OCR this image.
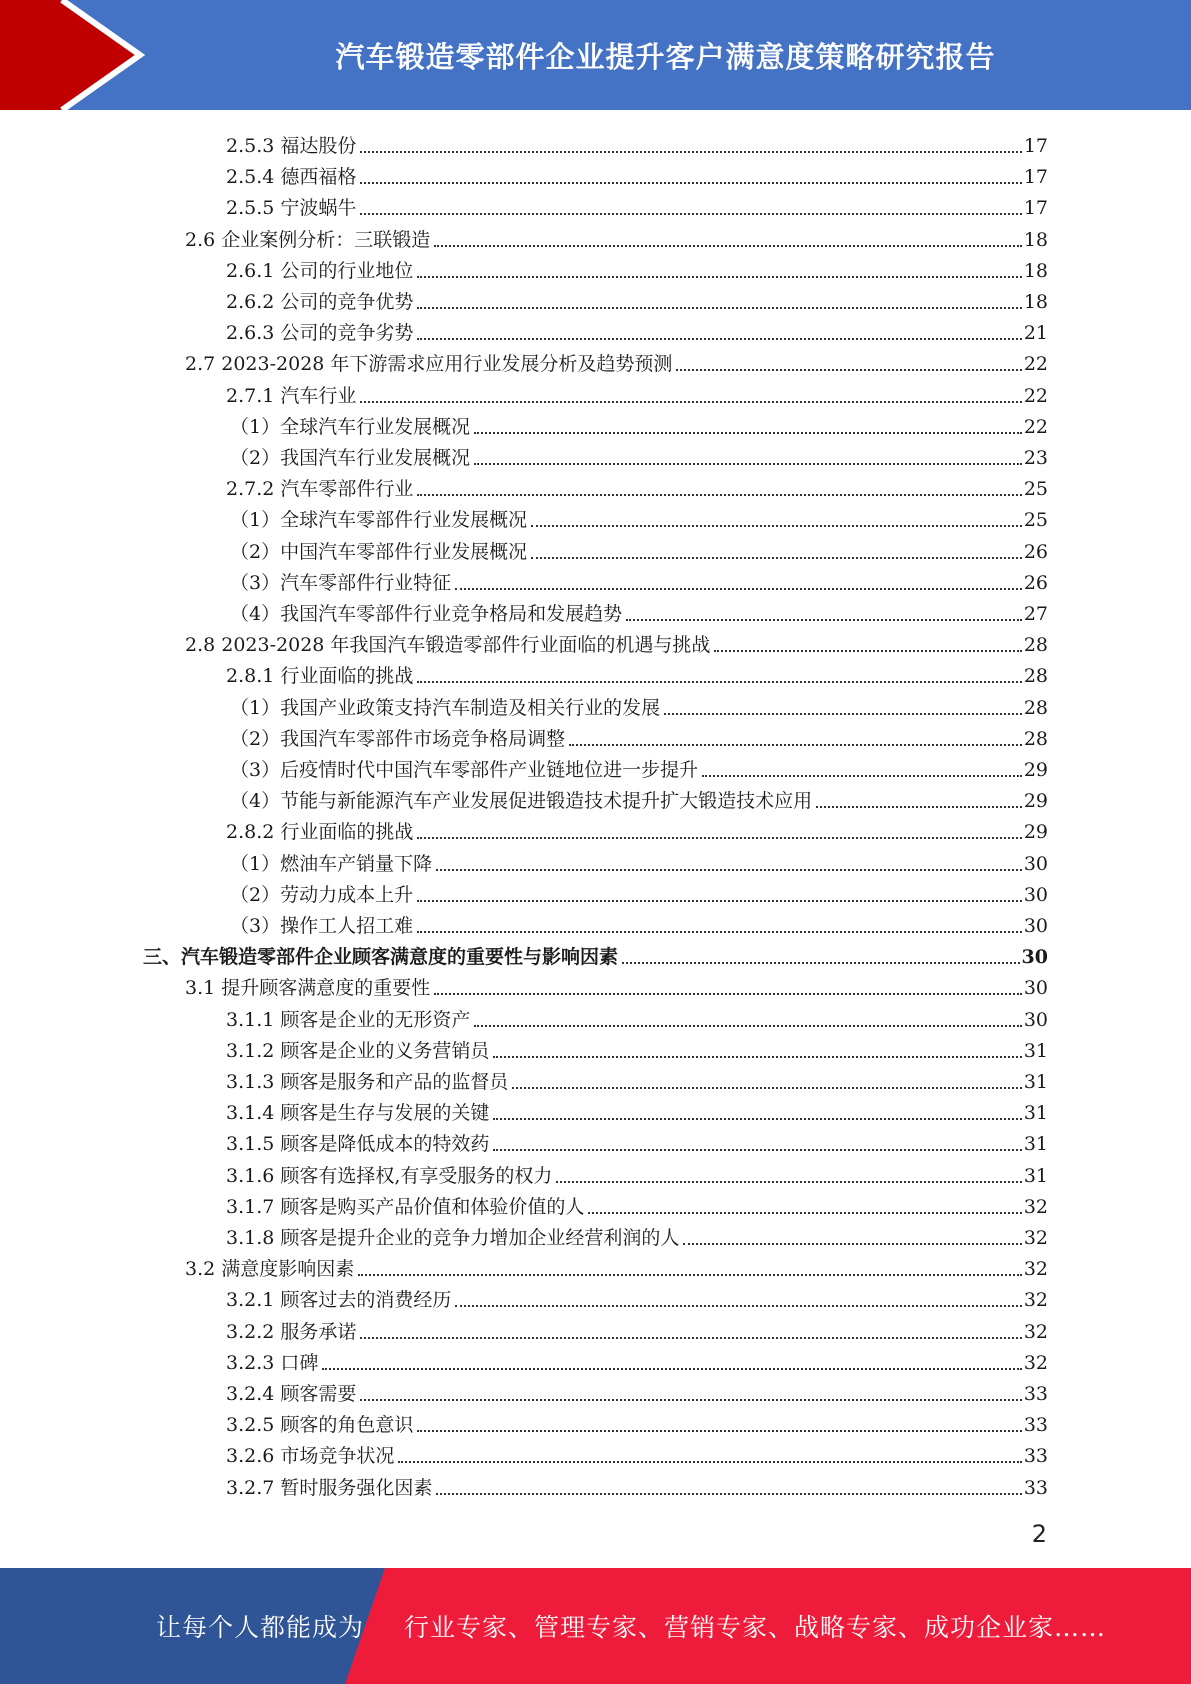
汽车锻造零部件企业提升客户满意度策略研究报告
2.5.3 福达股份	17
2.5.4 德西福格	17
2.5.5 宁波蜗牛	17
2.6 企业案例分析：三联锻造	18
2.6.1 公司的行业地位	18
2.6.2 公司的竞争优势	18
2.6.3 公司的竞争劣势	21
2.7 2023-2028 年下游需求应用行业发展分析及趋势预测	22
2.7.1 汽车行业	22
（1）全球汽车行业发展概况	22
（2）我国汽车行业发展概况	23
2.7.2 汽车零部件行业	25
（1）全球汽车零部件行业发展概况	25
（2）中国汽车零部件行业发展概况	26
（3）汽车零部件行业特征	26
（4）我国汽车零部件行业竞争格局和发展趋势	27
2.8 2023-2028 年我国汽车锻造零部件行业面临的机遇与挑战	28
2.8.1 行业面临的挑战	28
（1）我国产业政策支持汽车制造及相关行业的发展	28
（2）我国汽车零部件市场竞争格局调整	28
（3）后疫情时代中国汽车零部件产业链地位进一步提升	29
（4）节能与新能源汽车产业发展促进锻造技术提升扩大锻造技术应用	29
2.8.2 行业面临的挑战	29
（1）燃油车产销量下降	30
（2）劳动力成本上升	30
（3）操作工人招工难	30
三、汽车锻造零部件企业顾客满意度的重要性与影响因素	30
3.1 提升顾客满意度的重要性	30
3.1.1 顾客是企业的无形资产	30
3.1.2 顾客是企业的义务营销员	31
3.1.3 顾客是服务和产品的监督员	31
3.1.4 顾客是生存与发展的关键	31
3.1.5 顾客是降低成本的特效药	31
3.1.6 顾客有选择权,有享受服务的权力	31
3.1.7 顾客是购买产品价值和体验价值的人	32
3.1.8 顾客是提升企业的竞争力增加企业经营利润的人	32
3.2 满意度影响因素	32
3.2.1 顾客过去的消费经历	32
3.2.2 服务承诺	32
3.2.3 口碑	32
3.2.4 顾客需要	33
3.2.5 顾客的角色意识	33
3.2.6 市场竞争状况	33
3.2.7 暂时服务强化因素	33
2
让每个人都能成为	行业专家、管理专家、营销专家、战略专家、成功企业家……
